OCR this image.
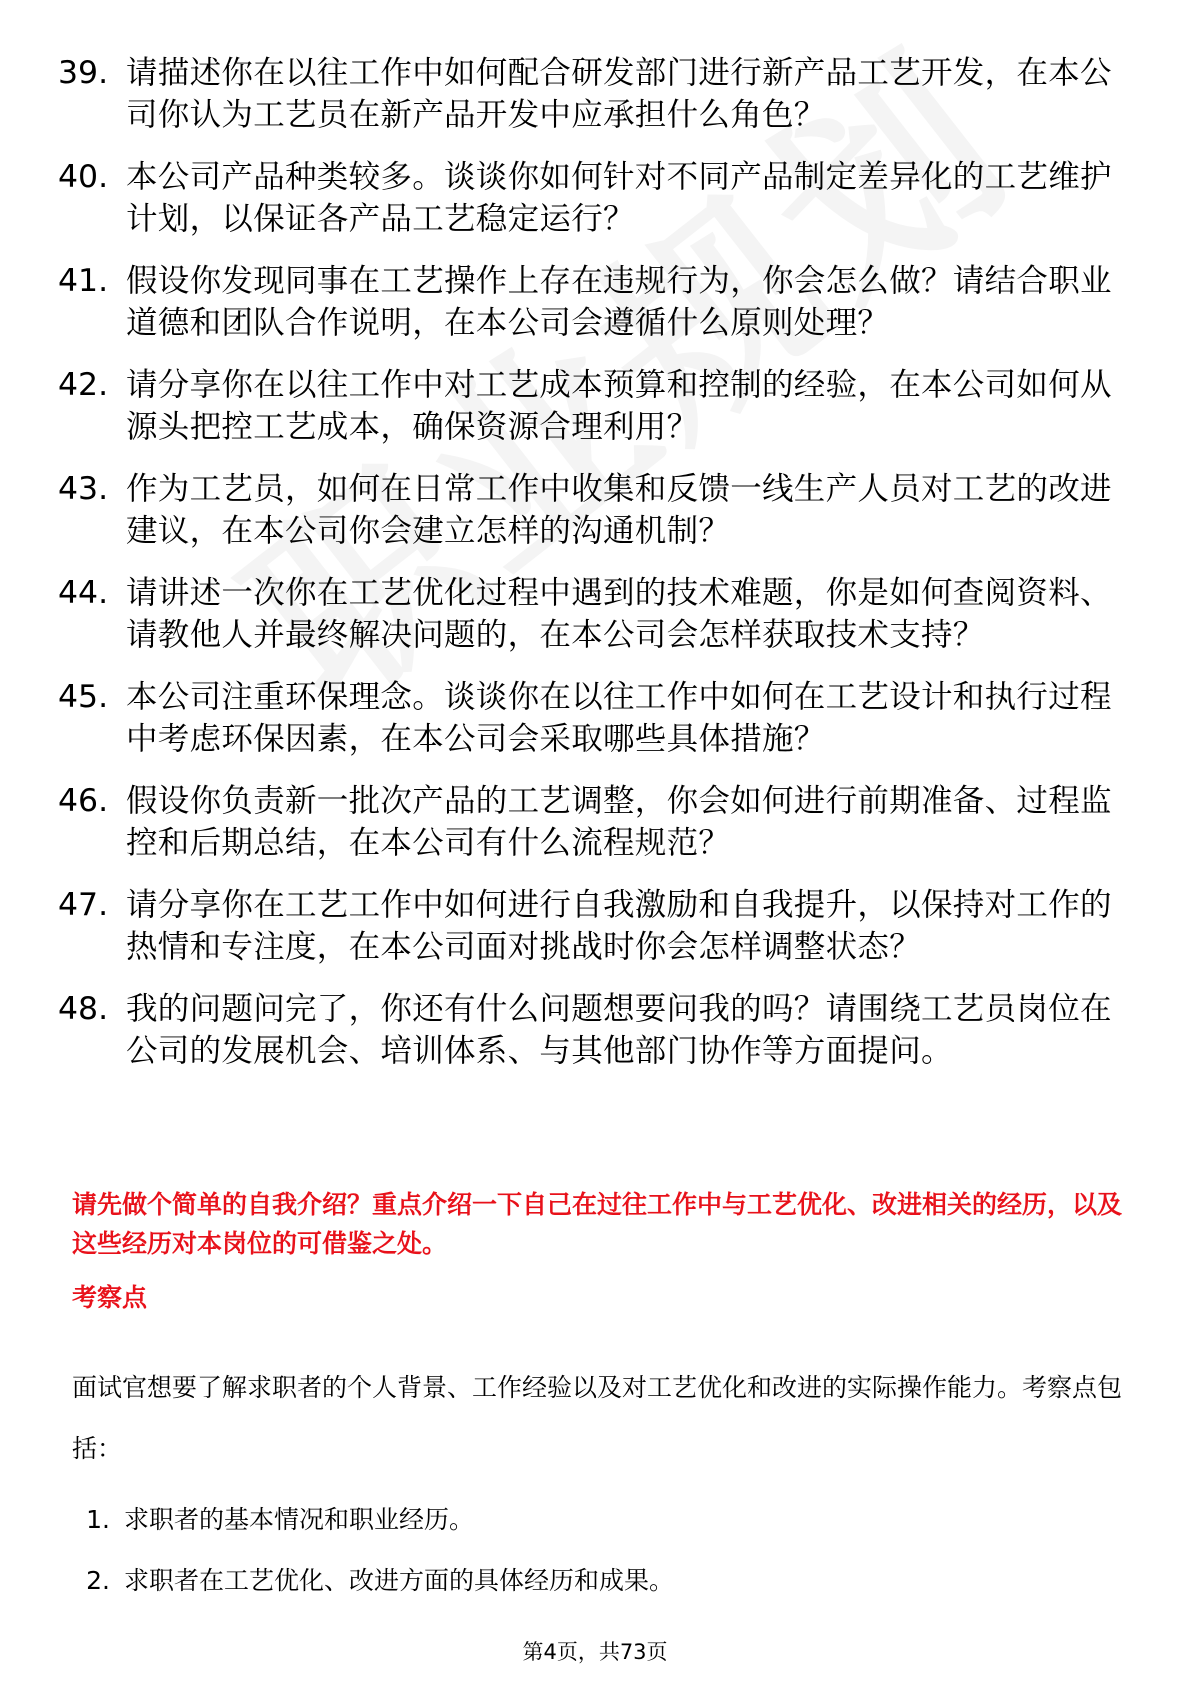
39. 请描述你在以往工作中如何配合研发部门进行新产品工艺开发，在本公司你认为工艺员在新产品开发中应承担什么角色？
40. 本公司产品种类较多。谈谈你如何针对不同产品制定差异化的工艺维护计划，以保证各产品工艺稳定运行？
41. 假设你发现同事在工艺操作上存在违规行为，你会怎么做？请结合职业道德和团队合作说明，在本公司会遵循什么原则处理？
42. 请分享你在以往工作中对工艺成本预算和控制的经验，在本公司如何从源头把控工艺成本，确保资源合理利用？
43. 作为工艺员，如何在日常工作中收集和反馈一线生产人员对工艺的改进建议，在本公司你会建立怎样的沟通机制？
44. 请讲述一次你在工艺优化过程中遇到的技术难题，你是如何查阅资料、请教他人并最终解决问题的，在本公司会怎样获取技术支持？
45. 本公司注重环保理念。谈谈你在以往工作中如何在工艺设计和执行过程中考虑环保因素，在本公司会采取哪些具体措施？
46. 假设你负责新一批次产品的工艺调整，你会如何进行前期准备、过程监控和后期总结，在本公司有什么流程规范？
47. 请分享你在工艺工作中如何进行自我激励和自我提升，以保持对工作的热情和专注度，在本公司面对挑战时你会怎样调整状态？
48. 我的问题问完了，你还有什么问题想要问我的吗？请围绕工艺员岗位在公司的发展机会、培训体系、与其他部门协作等方面提问。

请先做个简单的自我介绍？重点介绍一下自己在过往工作中与工艺优化、改进相关的经历，以及这些经历对本岗位的可借鉴之处。

考察点

面试官想要了解求职者的个人背景、工作经验以及对工艺优化和改进的实际操作能力。考察点包括：

1. 求职者的基本情况和职业经历。
2. 求职者在工艺优化、改进方面的具体经历和成果。
第4页，共73页
